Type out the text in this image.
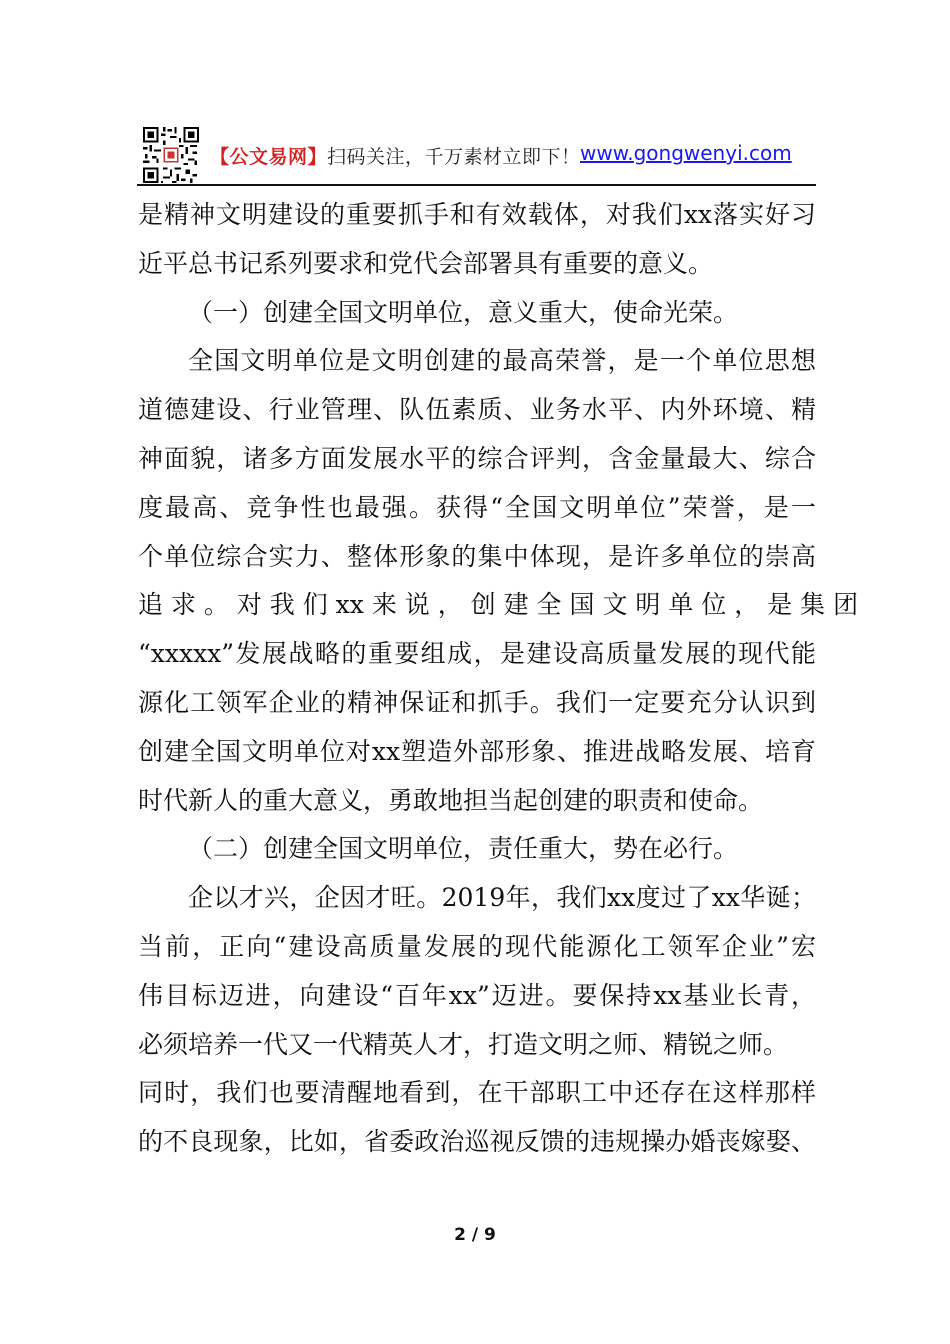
【公文易网】扫码关注，千万素材立即下！ www.gongwenyi.com
是精神文明建设的重要抓手和有效载体，对我们xx落实好习
近平总书记系列要求和党代会部署具有重要的意义。
（一）创建全国文明单位，意义重大，使命光荣。
全国文明单位是文明创建的最高荣誉，是一个单位思想
道德建设、行业管理、队伍素质、业务水平、内外环境、精
神面貌，诸多方面发展水平的综合评判，含金量最大、综合
度最高、竞争性也最强。获得“全国文明单位”荣誉，是一
个单位综合实力、整体形象的集中体现，是许多单位的崇高
追 求 。 对 我 们 xx 来 说 ， 创 建 全 国 文 明 单 位 ， 是 集 团
“xxxxx”发展战略的重要组成，是建设高质量发展的现代能
源化工领军企业的精神保证和抓手。我们一定要充分认识到
创建全国文明单位对xx塑造外部形象、推进战略发展、培育
时代新人的重大意义，勇敢地担当起创建的职责和使命。
（二）创建全国文明单位，责任重大，势在必行。
企以才兴，企因才旺。2019年，我们xx度过了xx华诞；
当前，正向“建设高质量发展的现代能源化工领军企业”宏
伟目标迈进，向建设“百年xx”迈进。要保持xx基业长青，
必须培养一代又一代精英人才，打造文明之师、精锐之师。
同时，我们也要清醒地看到，在干部职工中还存在这样那样
的不良现象，比如，省委政治巡视反馈的违规操办婚丧嫁娶、
2 / 9
